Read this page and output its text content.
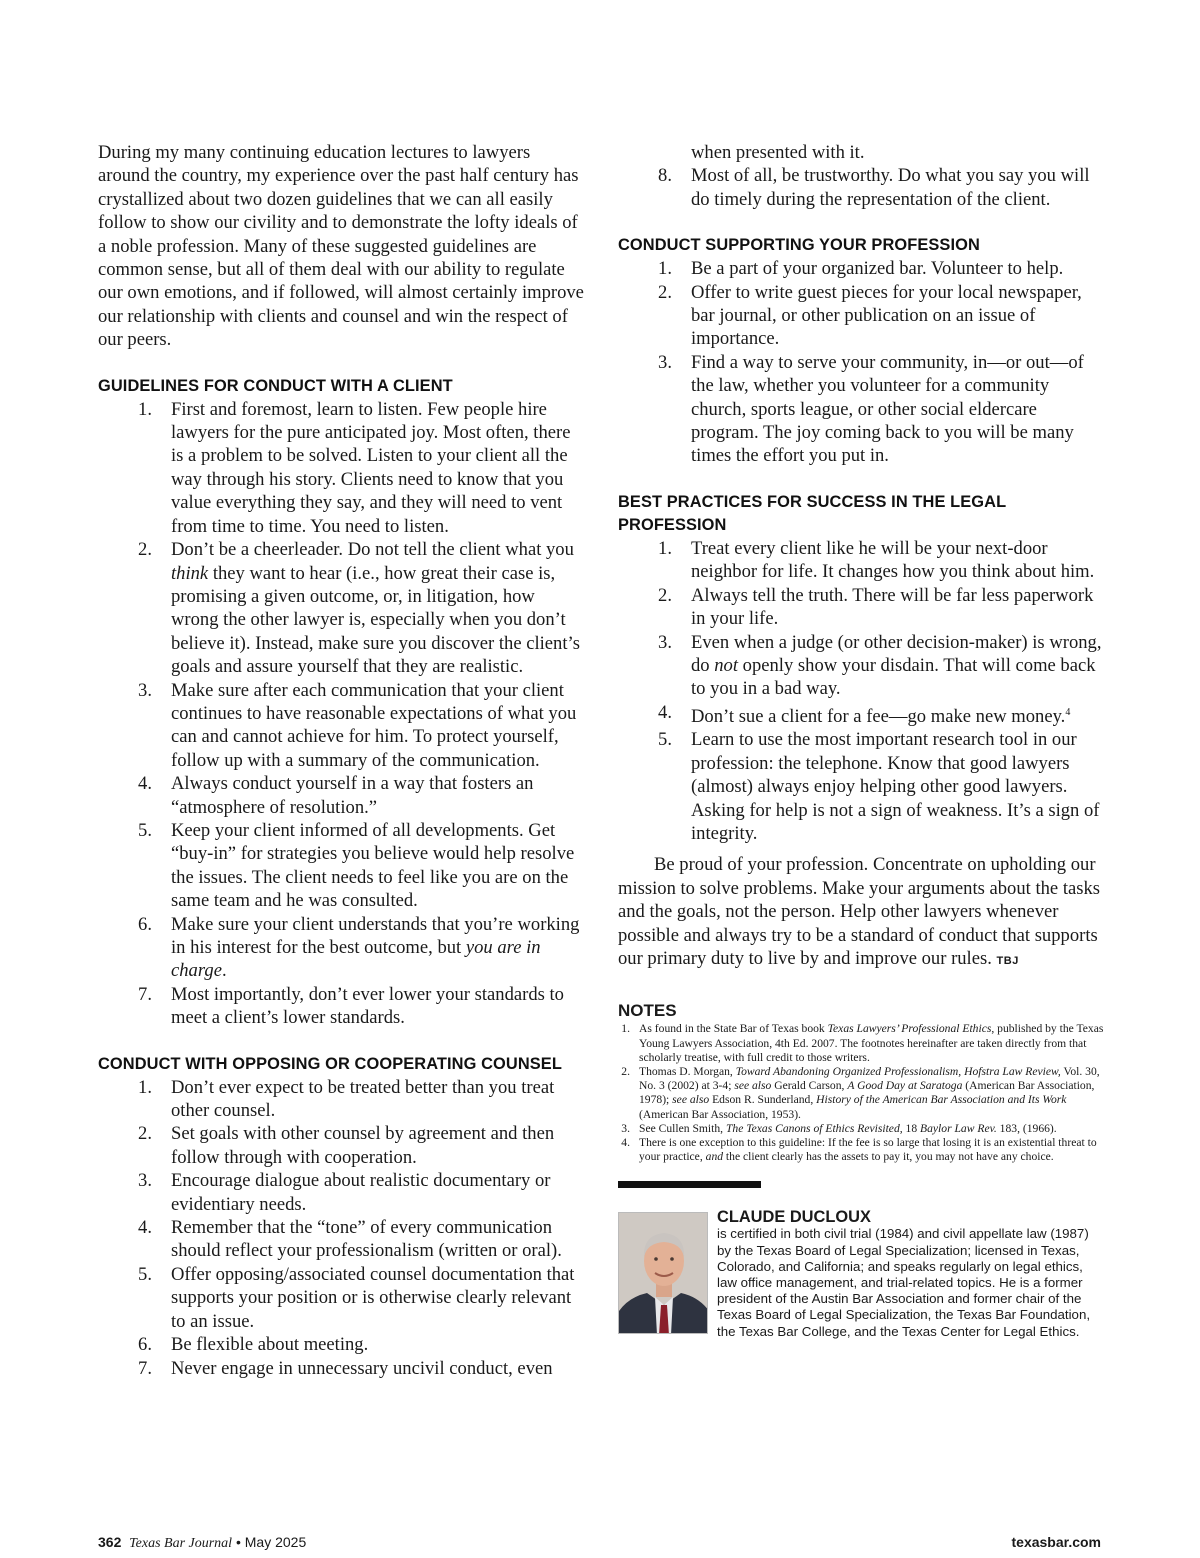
During my many continuing education lectures to lawyers around the country, my experience over the past half century has crystallized about two dozen guidelines that we can all easily follow to show our civility and to demonstrate the lofty ideals of a noble profession. Many of these suggested guidelines are common sense, but all of them deal with our ability to regulate our own emotions, and if followed, will almost certainly improve our relationship with clients and counsel and win the respect of our peers.

GUIDELINES FOR CONDUCT WITH A CLIENT
1. First and foremost, learn to listen. Few people hire lawyers for the pure anticipated joy. Most often, there is a problem to be solved. Listen to your client all the way through his story. Clients need to know that you value everything they say, and they will need to vent from time to time. You need to listen.
2. Don’t be a cheerleader. Do not tell the client what you think they want to hear (i.e., how great their case is, promising a given outcome, or, in litigation, how wrong the other lawyer is, especially when you don’t believe it). Instead, make sure you discover the client’s goals and assure yourself that they are realistic.
3. Make sure after each communication that your client continues to have reasonable expectations of what you can and cannot achieve for him. To protect yourself, follow up with a summary of the communication.
4. Always conduct yourself in a way that fosters an “atmosphere of resolution.”
5. Keep your client informed of all developments. Get “buy-in” for strategies you believe would help resolve the issues. The client needs to feel like you are on the same team and he was consulted.
6. Make sure your client understands that you’re working in his interest for the best outcome, but you are in charge.
7. Most importantly, don’t ever lower your standards to meet a client’s lower standards.
CONDUCT WITH OPPOSING OR COOPERATING COUNSEL
1. Don’t ever expect to be treated better than you treat other counsel.
2. Set goals with other counsel by agreement and then follow through with cooperation.
3. Encourage dialogue about realistic documentary or evidentiary needs.
4. Remember that the “tone” of every communication should reflect your professionalism (written or oral).
5. Offer opposing/associated counsel documentation that supports your position or is otherwise clearly relevant to an issue.
6. Be flexible about meeting.
7. Never engage in unnecessary uncivil conduct, even
when presented with it.
8. Most of all, be trustworthy. Do what you say you will do timely during the representation of the client.
CONDUCT SUPPORTING YOUR PROFESSION
1. Be a part of your organized bar. Volunteer to help.
2. Offer to write guest pieces for your local newspaper, bar journal, or other publication on an issue of importance.
3. Find a way to serve your community, in—or out—of the law, whether you volunteer for a community church, sports league, or other social eldercare program. The joy coming back to you will be many times the effort you put in.
BEST PRACTICES FOR SUCCESS IN THE LEGAL PROFESSION
1. Treat every client like he will be your next-door neighbor for life. It changes how you think about him.
2. Always tell the truth. There will be far less paperwork in your life.
3. Even when a judge (or other decision-maker) is wrong, do not openly show your disdain. That will come back to you in a bad way.
4. Don’t sue a client for a fee—go make new money.$^4$
5. Learn to use the most important research tool in our profession: the telephone. Know that good lawyers (almost) always enjoy helping other good lawyers. Asking for help is not a sign of weakness. It’s a sign of integrity.

Be proud of your profession. Concentrate on upholding our mission to solve problems. Make your arguments about the tasks and the goals, not the person. Help other lawyers whenever possible and always try to be a standard of conduct that supports our primary duty to live by and improve our rules. TBJ

NOTES
1. As found in the State Bar of Texas book Texas Lawyers’ Professional Ethics, published by the Texas Young Lawyers Association, 4th Ed. 2007. The footnotes hereinafter are taken directly from that scholarly treatise, with full credit to those writers.
2. Thomas D. Morgan, Toward Abandoning Organized Professionalism, Hofstra Law Review, Vol. 30, No. 3 (2002) at 3-4; see also Gerald Carson, A Good Day at Saratoga (American Bar Association, 1978); see also Edson R. Sunderland, History of the American Bar Association and Its Work (American Bar Association, 1953).
3. See Cullen Smith, The Texas Canons of Ethics Revisited, 18 Baylor Law Rev. 183, (1966).
4. There is one exception to this guideline: If the fee is so large that losing it is an existential threat to your practice, and the client clearly has the assets to pay it, you may not have any choice.
CLAUDE DUCLOUX
is certified in both civil trial (1984) and civil appellate law (1987) by the Texas Board of Legal Specialization; licensed in Texas, Colorado, and California; and speaks regularly on legal ethics, law office management, and trial-related topics. He is a former president of the Austin Bar Association and former chair of the Texas Board of Legal Specialization, the Texas Bar Foundation, the Texas Bar College, and the Texas Center for Legal Ethics.
362 Texas Bar Journal • May 2025	texasbar.com
